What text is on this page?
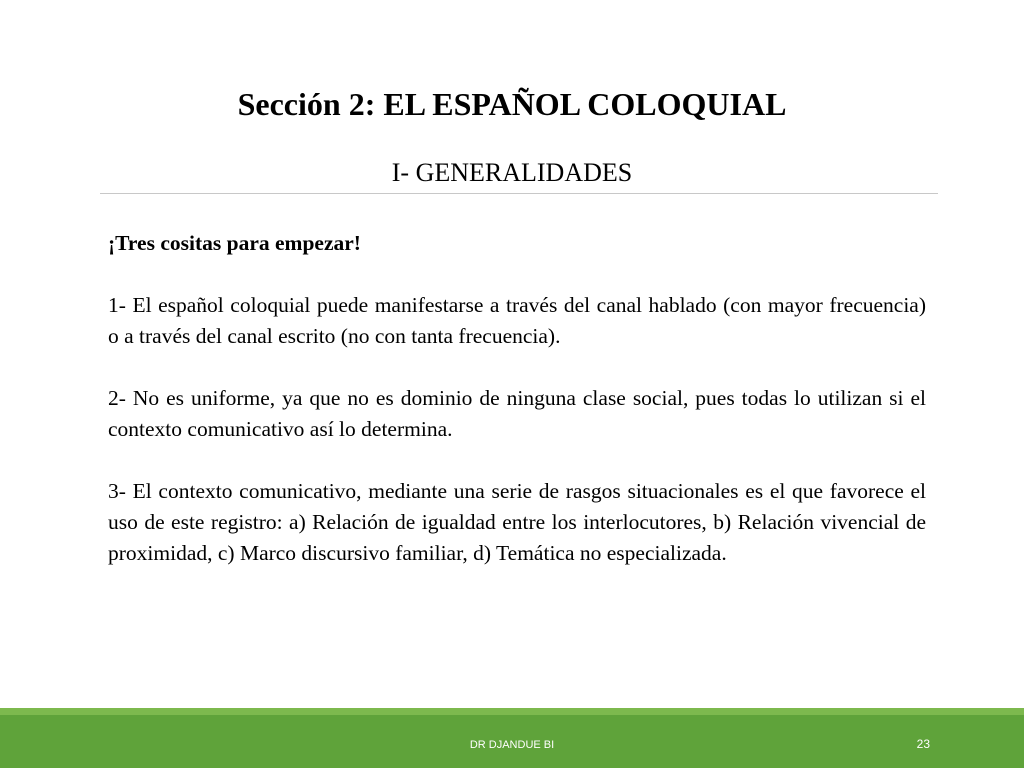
Sección 2: EL ESPAÑOL COLOQUIAL
I- GENERALIDADES

¡Tres cositas para empezar!

1- El español coloquial puede manifestarse a través del canal hablado (con mayor frecuencia) o a través del canal escrito (no con tanta frecuencia).

2- No es uniforme, ya que no es dominio de ninguna clase social, pues todas lo utilizan si el contexto comunicativo así lo determina.

3- El contexto comunicativo, mediante una serie de rasgos situacionales es el que favorece el uso de este registro: a) Relación de igualdad entre los interlocutores, b) Relación vivencial de proximidad, c) Marco discursivo familiar, d) Temática no especializada.

DR DJANDUE BI	23
